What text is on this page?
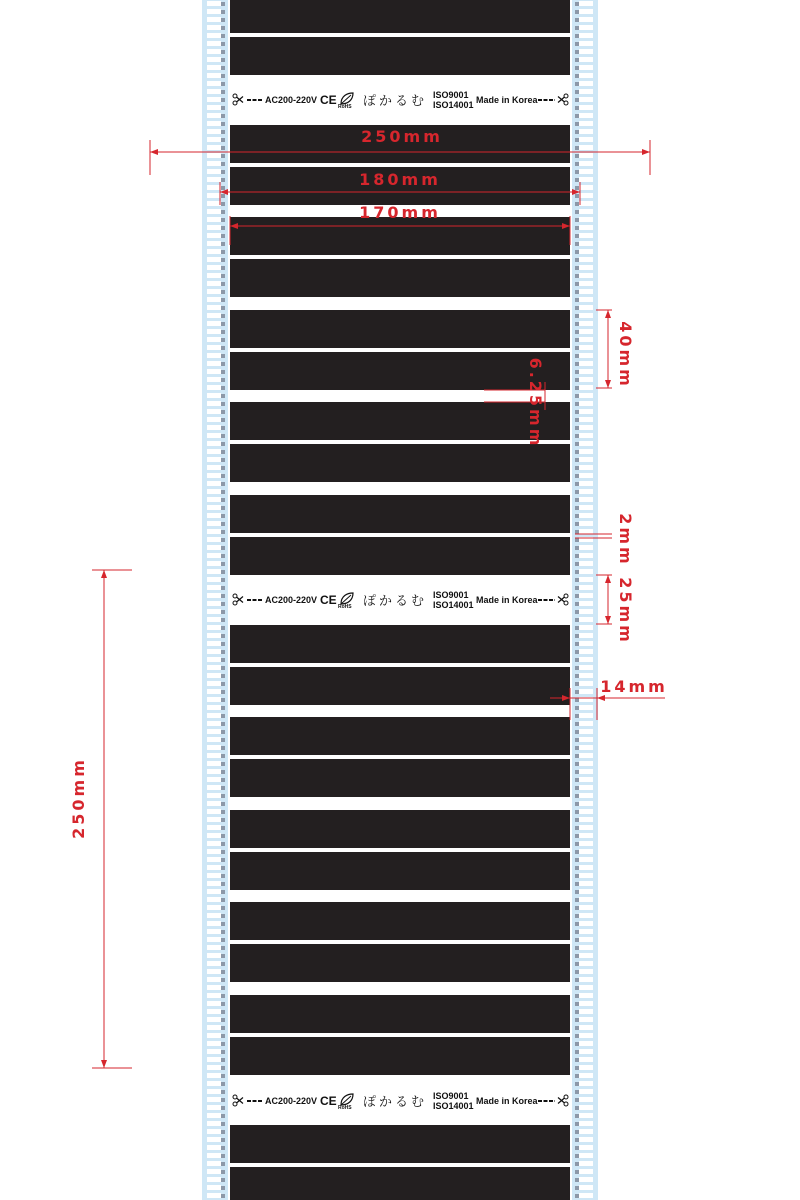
AC200-220V CE RoHS ぽかるむ ISO9001
ISO14001 Made in Korea
AC200-220V CE RoHS ぽかるむ ISO9001
ISO14001 Made in Korea
AC200-220V CE RoHS ぽかるむ ISO9001
ISO14001 Made in Korea
250mm
180mm
170mm
40mm
6.25mm
2mm
25mm
14mm
250mm
